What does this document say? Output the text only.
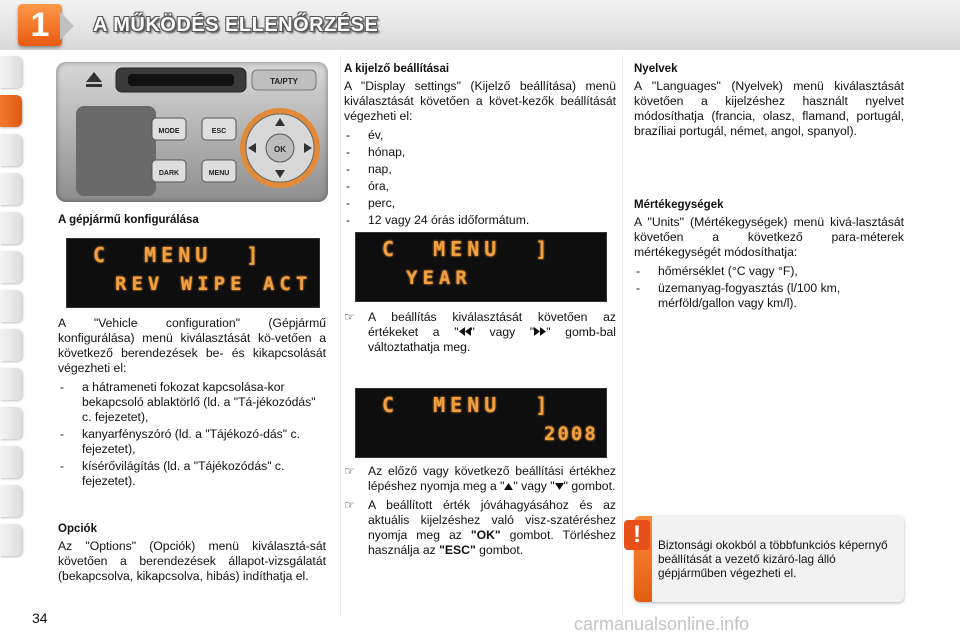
1	A MŰKÖDÉS ELLENŐRZÉSE
TA/PTY
MODE
DARK
ESC
MENU
OK
A gépjármű konfigurálása
C  MENU  ]
REV WIPE ACT

A "Vehicle configuration" (Gépjármű konfigurálása) menü kiválasztását kö-vetően a következő berendezések be- és kikapcsolását végezheti el:

- a hátrameneti fokozat kapcsolása-kor bekapcsoló ablaktörlő (ld. a "Tá-jékozódás" c. fejezetet),
- kanyarfényszóró (ld. a "Tájékozó-dás" c. fejezetet),
- kísérővilágítás (ld. a "Tájékozódás" c. fejezetet).
Opciók

Az "Options" (Opciók) menü kiválasztá-sát követően a berendezések állapot-vizsgálatát (bekapcsolva, kikapcsolva, hibás) indíthatja el.

A kijelző beállításai

A "Display settings" (Kijelző beállítása) menü kiválasztását követően a követ-kezők beállítását végezheti el:

- év,
- hónap,
- nap,
- óra,
- perc,
- 12 vagy 24 órás időformátum.
C  MENU  ]
YEAR
☞ A beállítás kiválasztását követően az értékeket a " " vagy " " gomb-bal változtathatja meg.
C  MENU  ]
2008
☞ Az előző vagy következő beállítási értékhez lépéshez nyomja meg a " " vagy " " gombot.
☞ A beállított érték jóváhagyásához és az aktuális kijelzéshez való visz-szatéréshez nyomja meg az "OK" gombot. Törléshez használja az "ESC" gombot.
Nyelvek

A "Languages" (Nyelvek) menü kiválasztását követően a kijelzéshez használt nyelvet módosíthatja (francia, olasz, flamand, portugál, brazíliai portugál, német, angol, spanyol).

Mértékegységek

A "Units" (Mértékegységek) menü kivá-lasztását követően a következő para-méterek mértékegységét módosíthatja:

- hőmérséklet (°C vagy °F),
- üzemanyag-fogyasztás (l/100 km, mérföld/gallon vagy km/l).
!	Biztonsági okokból a többfunkciós képernyő beállítását a vezető kizáró-lag álló gépjárműben végezheti el.
34	carmanualsonline.info
